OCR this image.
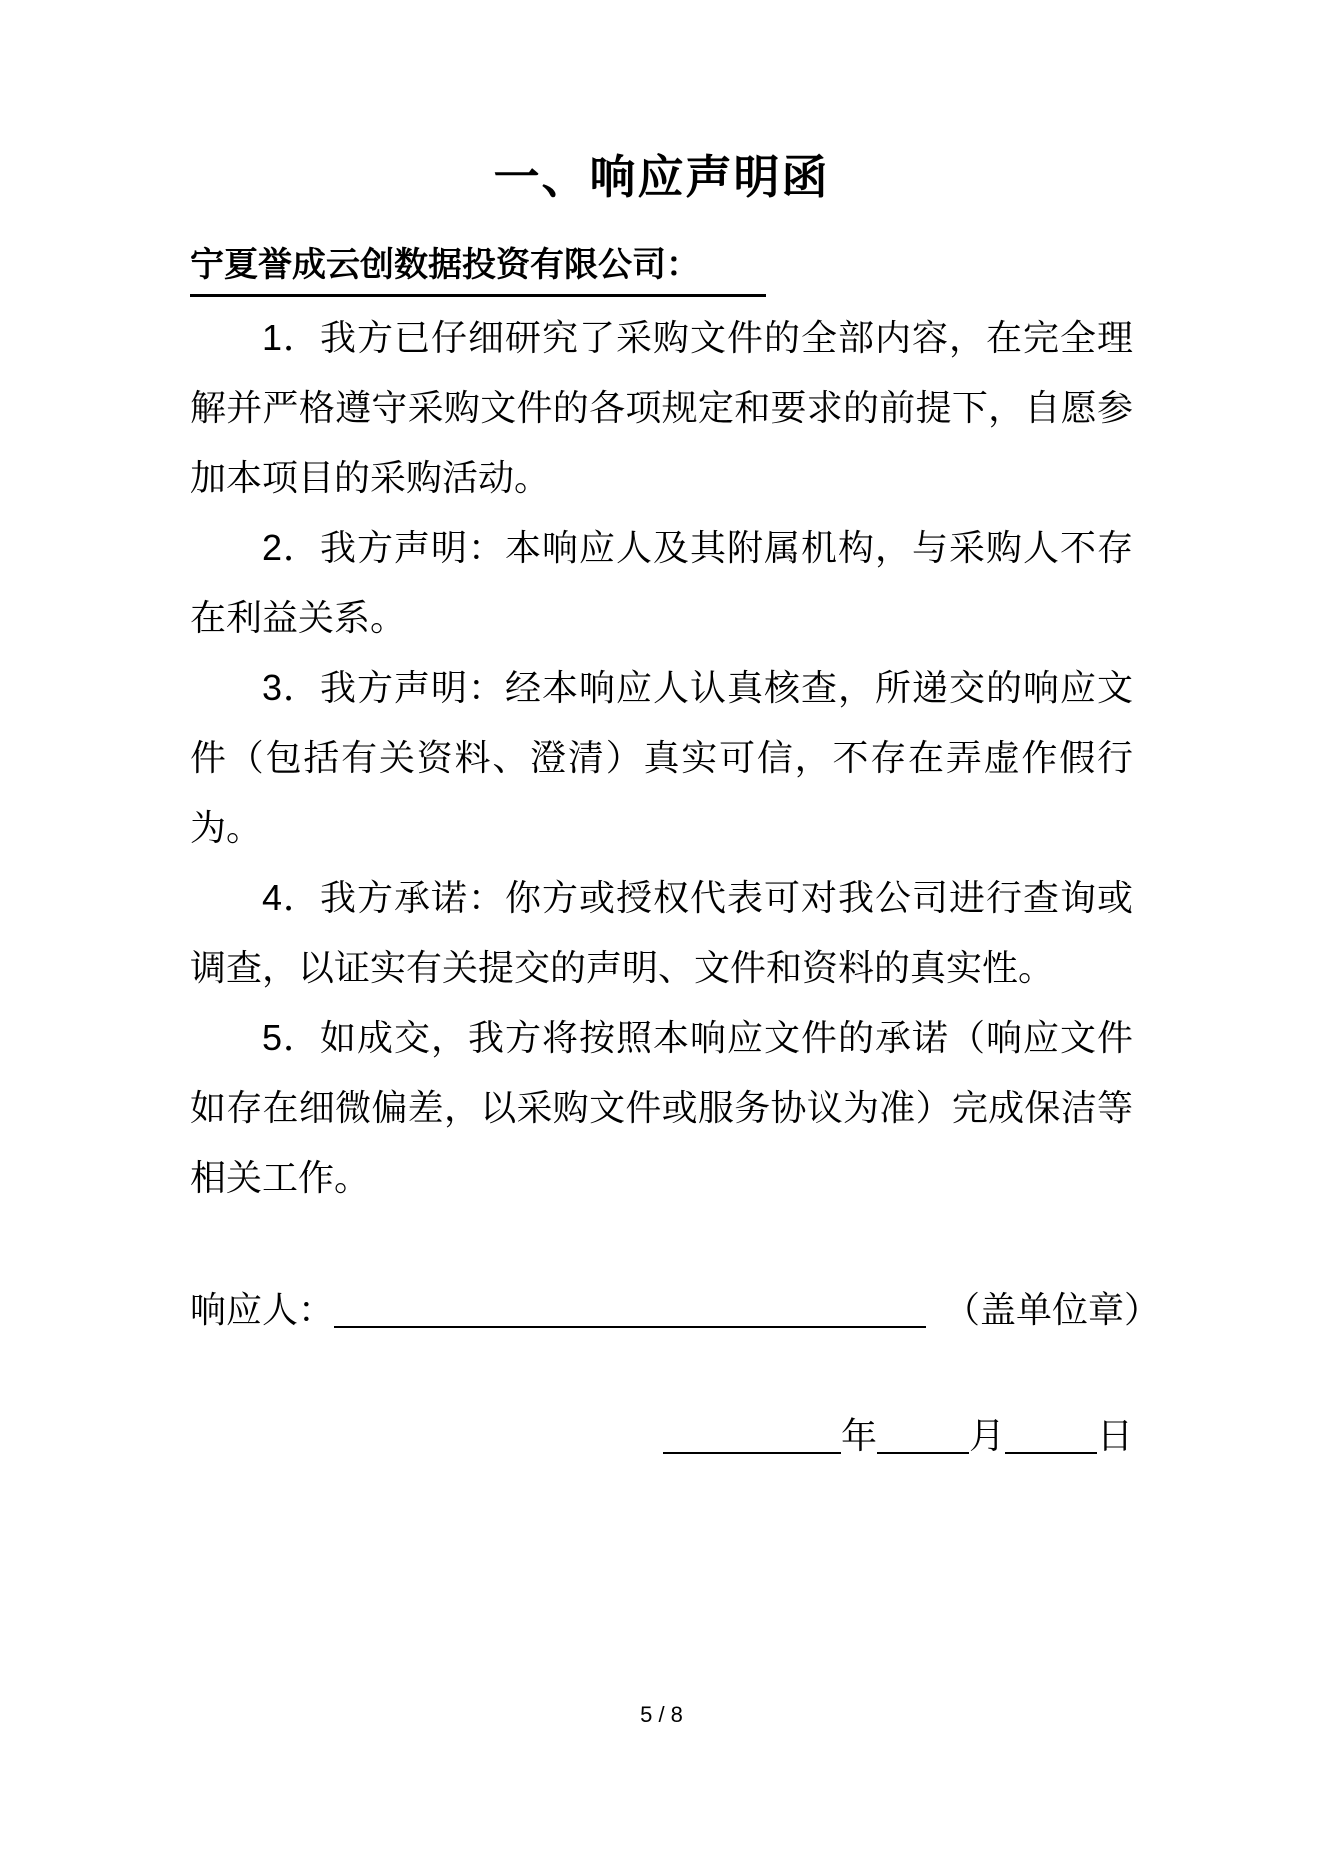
一、响应声明函
宁夏誉成云创数据投资有限公司：

1．我方已仔细研究了采购文件的全部内容，在完全理解并严格遵守采购文件的各项规定和要求的前提下，自愿参加本项目的采购活动。

2．我方声明：本响应人及其附属机构，与采购人不存在利益关系。

3．我方声明：经本响应人认真核查，所递交的响应文件（包括有关资料、澄清）真实可信，不存在弄虚作假行为。

4．我方承诺：你方或授权代表可对我公司进行查询或调查，以证实有关提交的声明、文件和资料的真实性。

5．如成交，我方将按照本响应文件的承诺（响应文件如存在细微偏差，以采购文件或服务协议为准）完成保洁等相关工作。

响应人：	（盖单位章）
年	月	日
5 / 8
